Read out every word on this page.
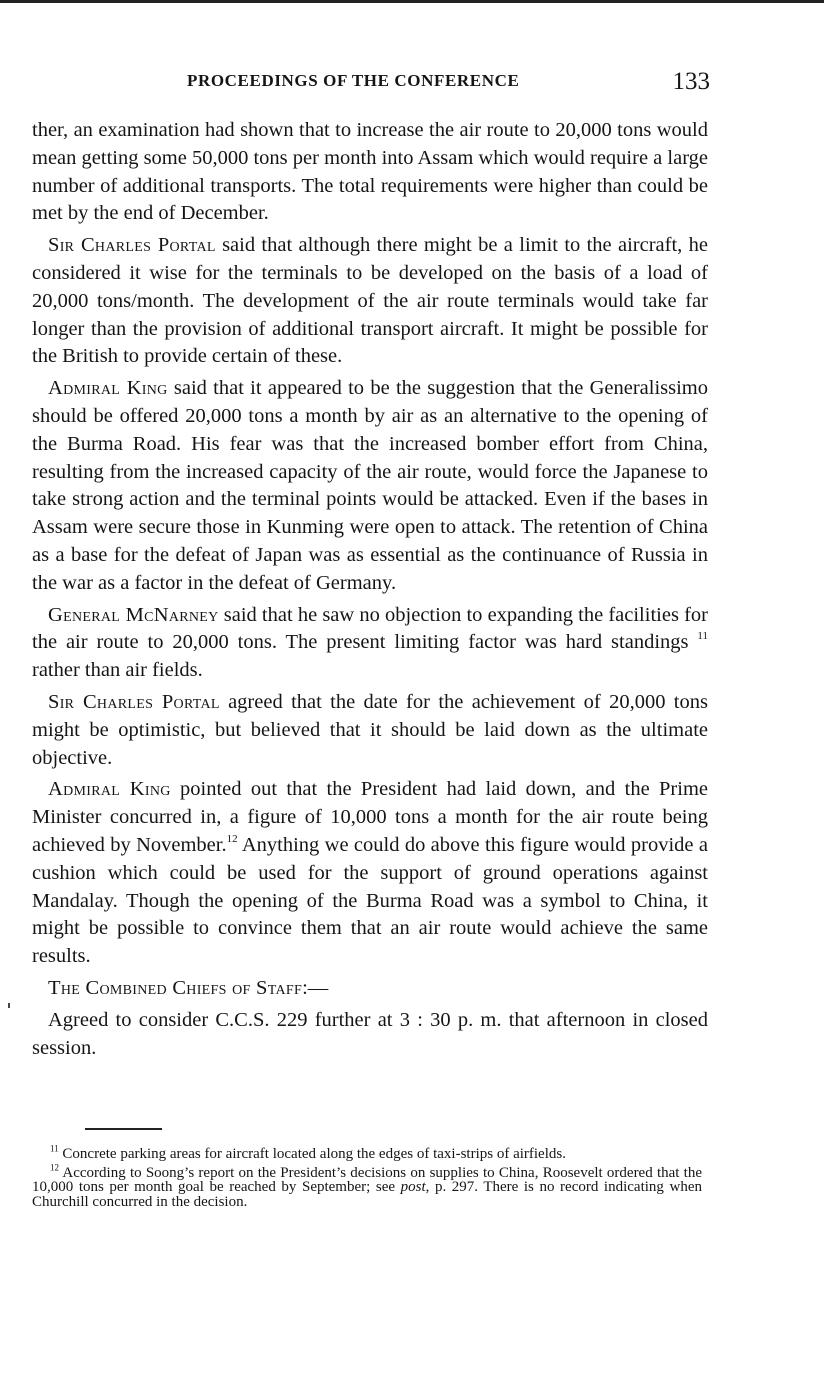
PROCEEDINGS OF THE CONFERENCE	133

ther, an examination had shown that to increase the air route to 20,000 tons would mean getting some 50,000 tons per month into Assam which would require a large number of additional transports. The total requirements were higher than could be met by the end of December.

Sir Charles Portal said that although there might be a limit to the aircraft, he considered it wise for the terminals to be developed on the basis of a load of 20,000 tons/month. The development of the air route terminals would take far longer than the provision of additional transport aircraft. It might be possible for the British to provide certain of these.

Admiral King said that it appeared to be the suggestion that the Generalissimo should be offered 20,000 tons a month by air as an alternative to the opening of the Burma Road. His fear was that the increased bomber effort from China, resulting from the increased capacity of the air route, would force the Japanese to take strong action and the terminal points would be attacked. Even if the bases in Assam were secure those in Kunming were open to attack. The retention of China as a base for the defeat of Japan was as essential as the continuance of Russia in the war as a factor in the defeat of Germany.

General McNarney said that he saw no objection to expanding the facilities for the air route to 20,000 tons. The present limiting factor was hard standings $^{11}$ rather than air fields.

Sir Charles Portal agreed that the date for the achievement of 20,000 tons might be optimistic, but believed that it should be laid down as the ultimate objective.

Admiral King pointed out that the President had laid down, and the Prime Minister concurred in, a figure of 10,000 tons a month for the air route being achieved by November.$^{12}$ Anything we could do above this figure would provide a cushion which could be used for the support of ground operations against Mandalay. Though the opening of the Burma Road was a symbol to China, it might be possible to convince them that an air route would achieve the same results.

The Combined Chiefs of Staff:—

Agreed to consider C.C.S. 229 further at 3 : 30 p. m. that afternoon in closed session.

$^{11}$ Concrete parking areas for aircraft located along the edges of taxi-strips of airfields.

$^{12}$ According to Soong’s report on the President’s decisions on supplies to China, Roosevelt ordered that the 10,000 tons per month goal be reached by September; see post, p. 297. There is no record indicating when Churchill concurred in the decision.
